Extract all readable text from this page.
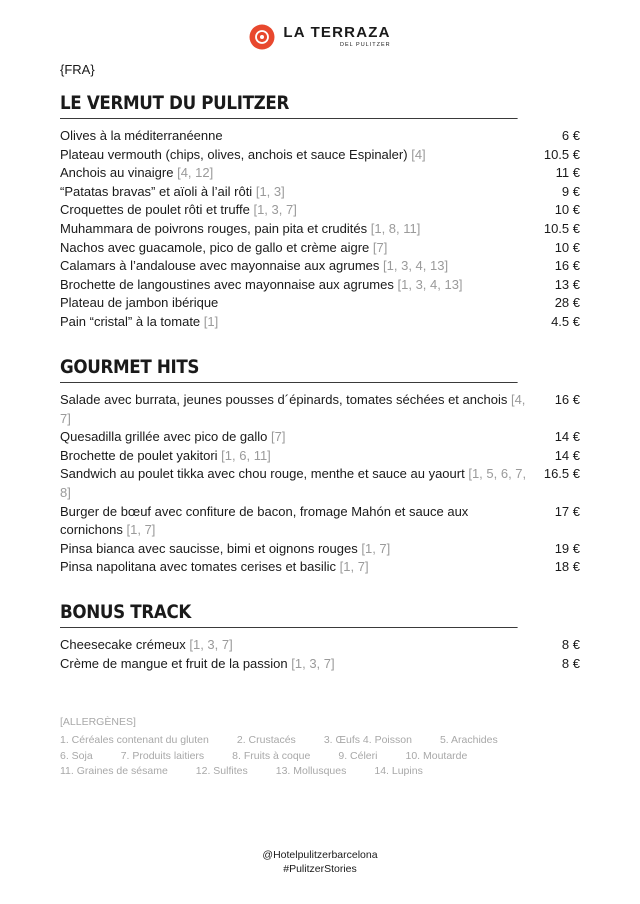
LA TERRAZA
DEL PULITZER
{FRA}
LE VERMUT DU PULITZER
Olives à la méditerranéenne	6 €
Plateau vermouth (chips, olives, anchois et sauce Espinaler) [4]	10.5 €
Anchois au vinaigre [4, 12]	11 €
“Patatas bravas” et aïoli à l’ail rôti [1, 3]	9 €
Croquettes de poulet rôti et truffe [1, 3, 7]	10 €
Muhammara de poivrons rouges, pain pita et crudités [1, 8, 11]	10.5 €
Nachos avec guacamole, pico de gallo et crème aigre [7]	10 €
Calamars à l’andalouse avec mayonnaise aux agrumes [1, 3, 4, 13]	16 €
Brochette de langoustines avec mayonnaise aux agrumes [1, 3, 4, 13]	13 €
Plateau de jambon ibérique	28 €
Pain “cristal” à la tomate [1]	4.5 €
GOURMET HITS
Salade avec burrata, jeunes pousses d´épinards, tomates séchées et anchois [4, 7]
16 €
Quesadilla grillée avec pico de gallo [7]	14 €
Brochette de poulet yakitori [1, 6, 11]	14 €
Sandwich au poulet tikka avec chou rouge, menthe et sauce au yaourt [1, 5, 6, 7, 8]
16.5 €
Burger de bœuf avec confiture de bacon, fromage Mahón et sauce aux cornichons [1, 7]
17 €
Pinsa bianca avec saucisse, bimi et oignons rouges [1, 7]	19 €
Pinsa napolitana avec tomates cerises et basilic [1, 7]	18 €
BONUS TRACK
Cheesecake crémeux [1, 3, 7]	8 €
Crème de mangue et fruit de la passion [1, 3, 7]	8 €
[ALLERGÈNES]
1. Céréales contenant du gluten	2. Crustacés	3. Œufs 4. Poisson	5. Arachides
6. Soja	7. Produits laitiers	8. Fruits à coque	9. Céleri	10. Moutarde
11. Graines de sésame	12. Sulfites	13. Mollusques	14. Lupins
@Hotelpulitzerbarcelona
#PulitzerStories
